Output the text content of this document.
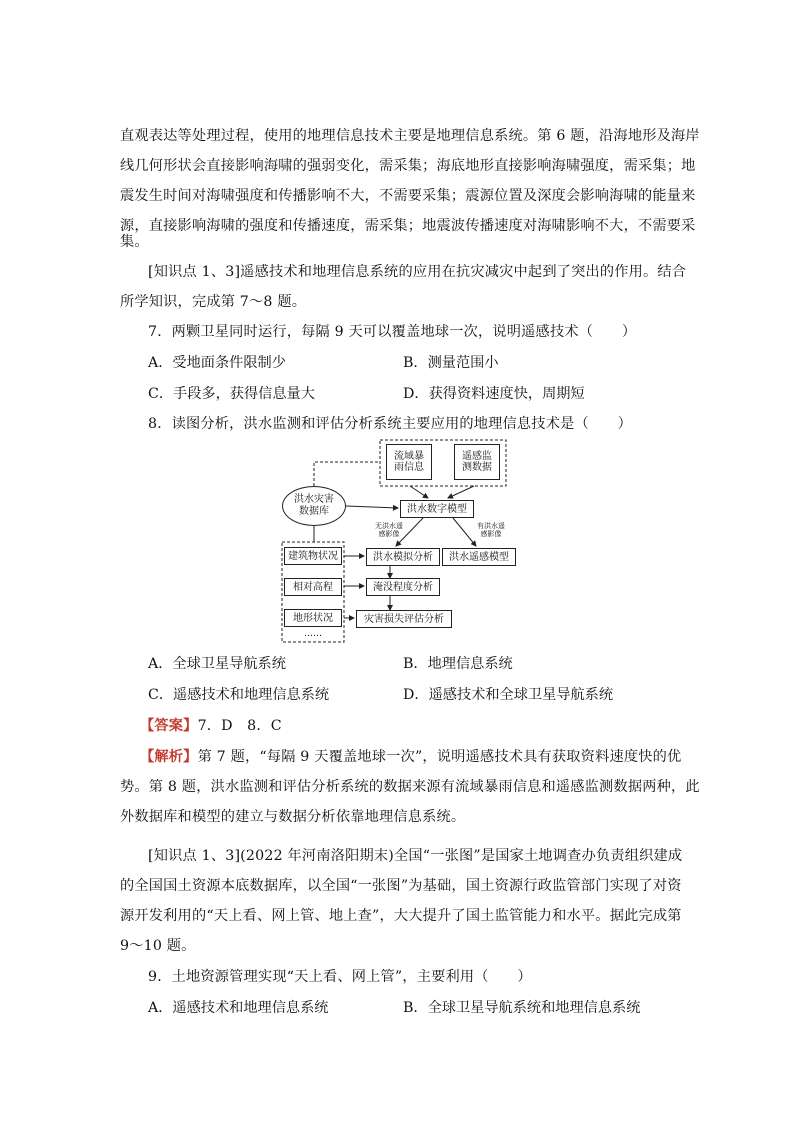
直观表达等处理过程，使用的地理信息技术主要是地理信息系统。第 6 题，沿海地形及海岸
线几何形状会直接影响海啸的强弱变化，需采集；海底地形直接影响海啸强度，需采集；地
震发生时间对海啸强度和传播影响不大，不需要采集；震源位置及深度会影响海啸的能量来
源，直接影响海啸的强度和传播速度，需采集；地震波传播速度对海啸影响不大，不需要采
集。
[知识点 1、3]遥感技术和地理信息系统的应用在抗灾减灾中起到了突出的作用。结合
所学知识，完成第 7～8 题。
7．两颗卫星同时运行，每隔 9 天可以覆盖地球一次，说明遥感技术（　　）
A．受地面条件限制少	B．测量范围小
C．手段多，获得信息量大	D．获得资料速度快，周期短
8．读图分析，洪水监测和评估分析系统主要应用的地理信息技术是（　　）
流域暴雨信息
遥感监测数据
洪水灾害数据库	洪水数字模型
无洪水遥感影像
有洪水遥感影像
洪水模拟分析 洪水遥感模型
淹没程度分析
灾害损失评估分析
建筑物状况
相对高程
地形状况
……
A．全球卫星导航系统	B．地理信息系统
C．遥感技术和地理信息系统	D．遥感技术和全球卫星导航系统
【答案】7．D　8．C
【解析】第 7 题，“每隔 9 天覆盖地球一次”，说明遥感技术具有获取资料速度快的优
势。第 8 题，洪水监测和评估分析系统的数据来源有流域暴雨信息和遥感监测数据两种，此
外数据库和模型的建立与数据分析依靠地理信息系统。
[知识点 1、3](2022 年河南洛阳期末)全国“一张图”是国家土地调查办负责组织建成
的全国国土资源本底数据库，以全国“一张图”为基础，国土资源行政监管部门实现了对资
源开发利用的“天上看、网上管、地上查”，大大提升了国土监管能力和水平。据此完成第
9～10 题。
9．土地资源管理实现“天上看、网上管”，主要利用（　　）
A．遥感技术和地理信息系统	B．全球卫星导航系统和地理信息系统
